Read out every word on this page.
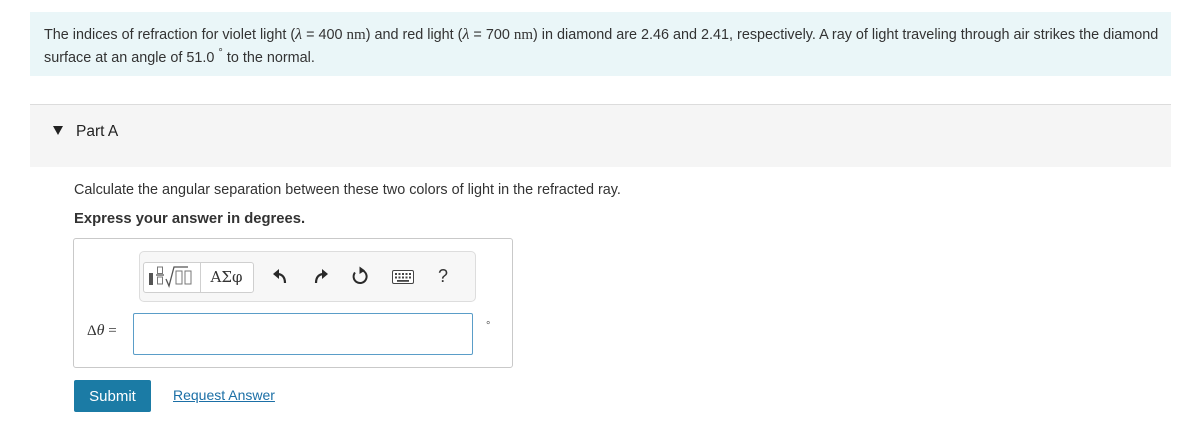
The indices of refraction for violet light (λ = 400 nm) and red light (λ = 700 nm) in diamond are 2.46 and 2.41, respectively. A ray of light traveling through air strikes the diamond surface at an angle of 51.0 ° to the normal.
Part A
Calculate the angular separation between these two colors of light in the refracted ray.
Express your answer in degrees.
ΑΣφ	?
Δθ =	°
Submit	Request Answer
